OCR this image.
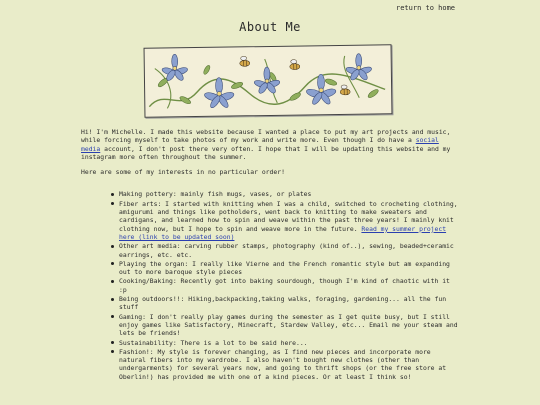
return to home
About Me

Hi! I'm Michelle. I made this website because I wanted a place to put my art projects and music, while forcing myself to take photos of my work and write more. Even though I do have a social media account, I don't post there very often. I hope that I will be updating this website and my instagram more often throughout the summer.

Here are some of my interests in no particular order!

Making pottery: mainly fish mugs, vases, or plates
Fiber arts: I started with knitting when I was a child, switched to crocheting clothing, amigurumi and things like potholders, went back to knitting to make sweaters and cardigans, and learned how to spin and weave within the past three years! I mainly knit clothing now, but I hope to spin and weave more in the future. Read my summer project here (link to be updated soon)
Other art media: carving rubber stamps, photography (kind of..), sewing, beaded+ceramic earrings, etc. etc.
Playing the organ: I really like Vierne and the French romantic style but am expanding out to more baroque style pieces
Cooking/Baking: Recently got into baking sourdough, though I'm kind of chaotic with it :p
Being outdoors!!: Hiking,backpacking,taking walks, foraging, gardening... all the fun stuff
Gaming: I don't really play games during the semester as I get quite busy, but I still enjoy games like Satisfactory, Minecraft, Stardew Valley, etc... Email me your steam and lets be friends!
Sustainability: There is a lot to be said here...
Fashion!: My style is forever changing, as I find new pieces and incorporate more natural fibers into my wardrobe. I also haven't bought new clothes (other than undergarments) for several years now, and going to thrift shops (or the free store at Oberlin!) has provided me with one of a kind pieces. Or at least I think so!
